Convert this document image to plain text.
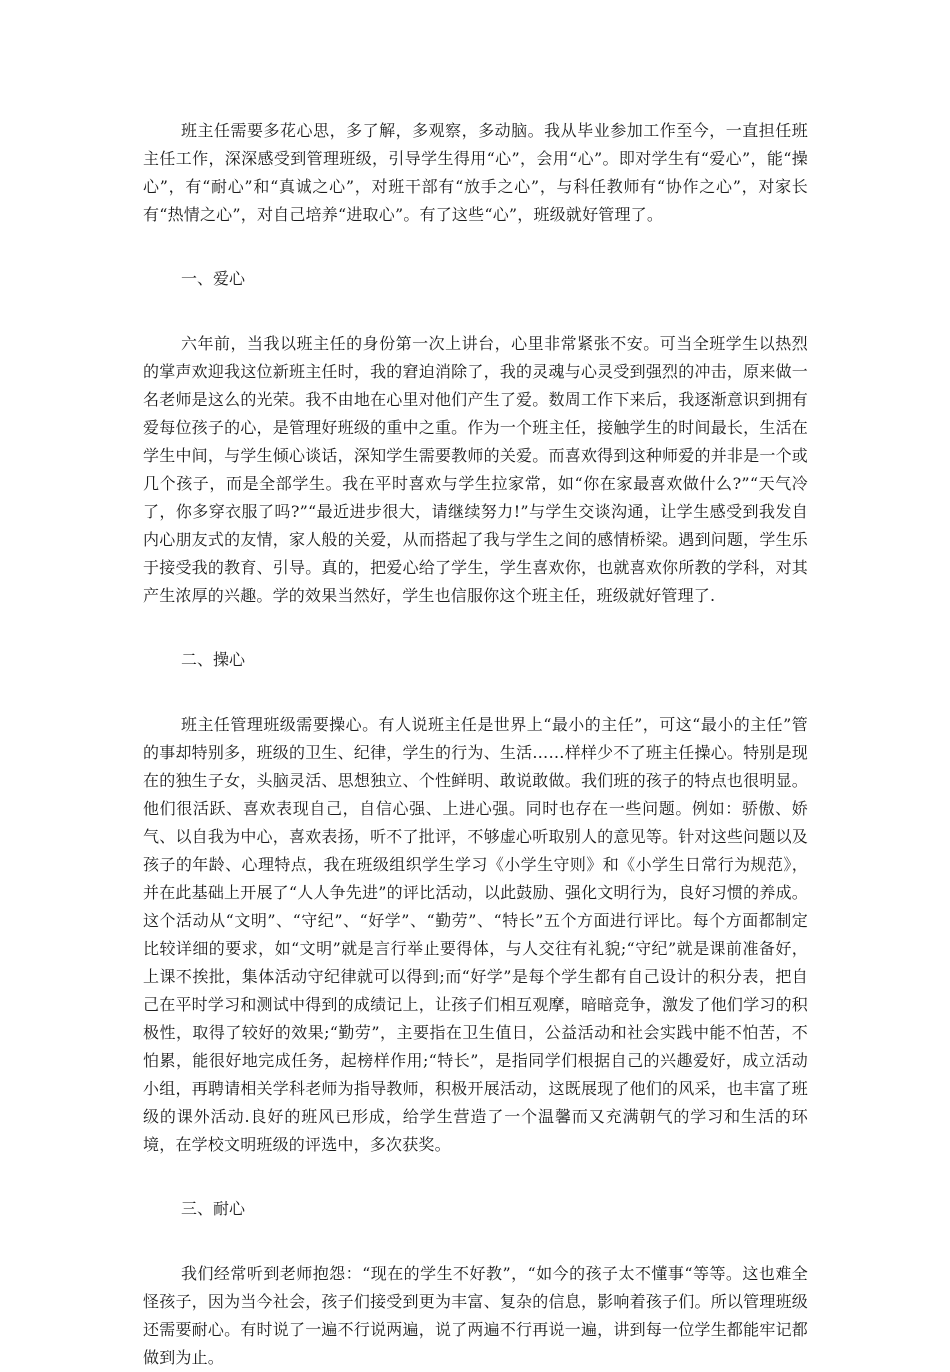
班主任需要多花心思，多了解，多观察，多动脑。我从毕业参加工作至今，一直担任班主任工作，深深感受到管理班级，引导学生得用“心”，会用“心”。即对学生有“爱心”，能“操心”，有“耐心”和“真诚之心”，对班干部有“放手之心”，与科任教师有“协作之心”，对家长有“热情之心”，对自己培养“进取心”。有了这些“心”，班级就好管理了。

一、爱心

六年前，当我以班主任的身份第一次上讲台，心里非常紧张不安。可当全班学生以热烈的掌声欢迎我这位新班主任时，我的窘迫消除了，我的灵魂与心灵受到强烈的冲击，原来做一名老师是这么的光荣。我不由地在心里对他们产生了爱。数周工作下来后，我逐渐意识到拥有爱每位孩子的心，是管理好班级的重中之重。作为一个班主任，接触学生的时间最长，生活在学生中间，与学生倾心谈话，深知学生需要教师的关爱。而喜欢得到这种师爱的并非是一个或几个孩子，而是全部学生。我在平时喜欢与学生拉家常，如“你在家最喜欢做什么?”“天气冷了，你多穿衣服了吗?”“最近进步很大，请继续努力!”与学生交谈沟通，让学生感受到我发自内心朋友式的友情，家人般的关爱，从而搭起了我与学生之间的感情桥梁。遇到问题，学生乐于接受我的教育、引导。真的，把爱心给了学生，学生喜欢你，也就喜欢你所教的学科，对其产生浓厚的兴趣。学的效果当然好，学生也信服你这个班主任，班级就好管理了.

二、操心

班主任管理班级需要操心。有人说班主任是世界上“最小的主任”，可这“最小的主任”管的事却特别多，班级的卫生、纪律，学生的行为、生活……样样少不了班主任操心。特别是现在的独生子女，头脑灵活、思想独立、个性鲜明、敢说敢做。我们班的孩子的特点也很明显。他们很活跃、喜欢表现自己，自信心强、上进心强。同时也存在一些问题。例如：骄傲、娇气、以自我为中心，喜欢表扬，听不了批评，不够虚心听取别人的意见等。针对这些问题以及孩子的年龄、心理特点，我在班级组织学生学习《小学生守则》和《小学生日常行为规范》，并在此基础上开展了“人人争先进”的评比活动，以此鼓励、强化文明行为，良好习惯的养成。这个活动从“文明”、“守纪”、“好学”、“勤劳”、“特长”五个方面进行评比。每个方面都制定比较详细的要求，如“文明”就是言行举止要得体，与人交往有礼貌;“守纪”就是课前准备好，上课不挨批，集体活动守纪律就可以得到;而“好学”是每个学生都有自己设计的积分表，把自己在平时学习和测试中得到的成绩记上，让孩子们相互观摩，暗暗竞争，激发了他们学习的积极性，取得了较好的效果;“勤劳”，主要指在卫生值日，公益活动和社会实践中能不怕苦，不怕累，能很好地完成任务，起榜样作用;“特长”，是指同学们根据自己的兴趣爱好，成立活动小组，再聘请相关学科老师为指导教师，积极开展活动，这既展现了他们的风采，也丰富了班级的课外活动.良好的班风已形成，给学生营造了一个温馨而又充满朝气的学习和生活的环境，在学校文明班级的评选中，多次获奖。

三、耐心

我们经常听到老师抱怨：“现在的学生不好教”，“如今的孩子太不懂事“等等。这也难全怪孩子，因为当今社会，孩子们接受到更为丰富、复杂的信息，影响着孩子们。所以管理班级还需要耐心。有时说了一遍不行说两遍，说了两遍不行再说一遍，讲到每一位学生都能牢记都做到为止。
